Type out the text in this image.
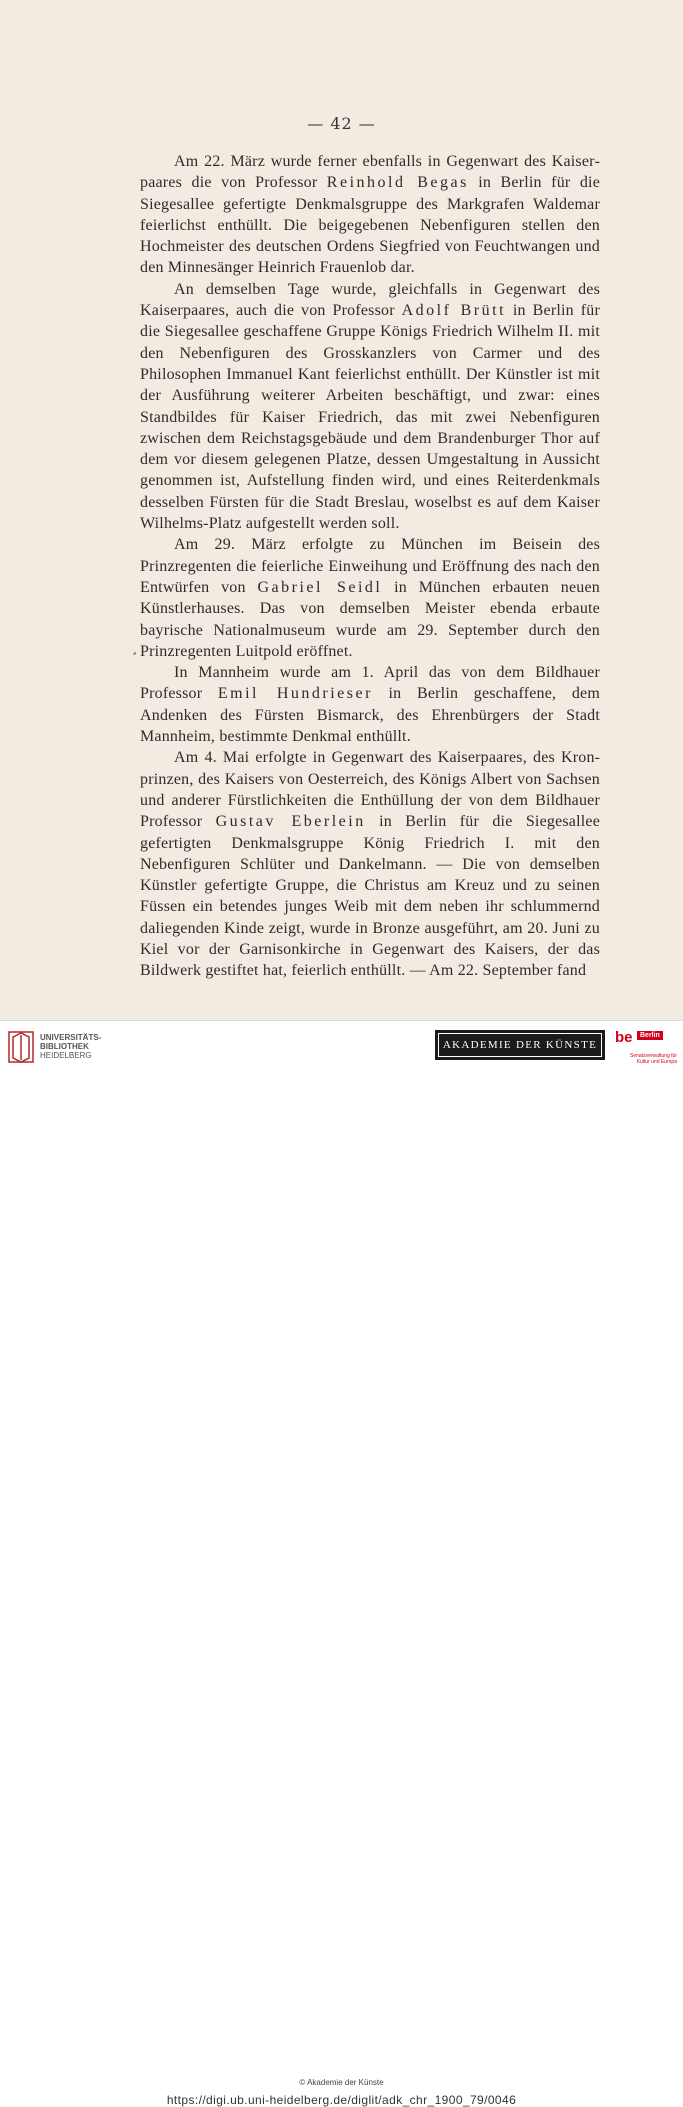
— 42 —
¸

Am 22. März wurde ferner ebenfalls in Gegenwart des Kaiserpaares die von Professor Reinhold Begas in Berlin für die Siegesallee gefertigte Denkmalsgruppe des Markgrafen Waldemar feierlichst enthüllt. Die beigegebenen Nebenfiguren stellen den Hochmeister des deutschen Ordens Siegfried von Feuchtwangen und den Minnesänger Heinrich Frauenlob dar.

An demselben Tage wurde, gleichfalls in Gegenwart des Kaiserpaares, auch die von Professor Adolf Brütt in Berlin für die Siegesallee geschaffene Gruppe Königs Friedrich Wilhelm II. mit den Nebenfiguren des Grosskanzlers von Carmer und des Philosophen Immanuel Kant feierlichst enthüllt. Der Künstler ist mit der Ausführung weiterer Arbeiten beschäftigt, und zwar: eines Standbildes für Kaiser Friedrich, das mit zwei Nebenfiguren zwischen dem Reichstagsgebäude und dem Brandenburger Thor auf dem vor diesem gelegenen Platze, dessen Umgestaltung in Aussicht genommen ist, Aufstellung finden wird, und eines Reiterdenkmals desselben Fürsten für die Stadt Breslau, woselbst es auf dem Kaiser Wilhelms-Platz aufgestellt werden soll.

Am 29. März erfolgte zu München im Beisein des Prinzregenten die feierliche Einweihung und Eröffnung des nach den Entwürfen von Gabriel Seidl in München erbauten neuen Künstlerhauses. Das von demselben Meister ebenda erbaute bayrische Nationalmuseum wurde am 29. September durch den Prinzregenten Luitpold eröffnet.

In Mannheim wurde am 1. April das von dem Bildhauer Professor Emil Hundrieser in Berlin geschaffene, dem Andenken des Fürsten Bismarck, des Ehrenbürgers der Stadt Mannheim, bestimmte Denkmal enthüllt.

Am 4. Mai erfolgte in Gegenwart des Kaiserpaares, des Kronprinzen, des Kaisers von Oesterreich, des Königs Albert von Sachsen und anderer Fürstlichkeiten die Enthüllung der von dem Bildhauer Professor Gustav Eberlein in Berlin für die Siegesallee gefertigten Denkmalsgruppe König Friedrich I. mit den Nebenfiguren Schlüter und Dankelmann. — Die von demselben Künstler gefertigte Gruppe, die Christus am Kreuz und zu seinen Füssen ein betendes junges Weib mit dem neben ihr schlummernd daliegenden Kinde zeigt, wurde in Bronze ausgeführt, am 20. Juni zu Kiel vor der Garnisonkirche in Gegenwart des Kaisers, der das Bildwerk gestiftet hat, feierlich enthüllt. — Am 22. September fand

UNIVERSITÄTS-
BIBLIOTHEK
HEIDELBERG
AKADEMIE DER KÜNSTE	be	Berlin
Senatsverwaltung für Kultur und Europa
© Akademie der Künste
https://digi.ub.uni-heidelberg.de/diglit/adk_chr_1900_79/0046
